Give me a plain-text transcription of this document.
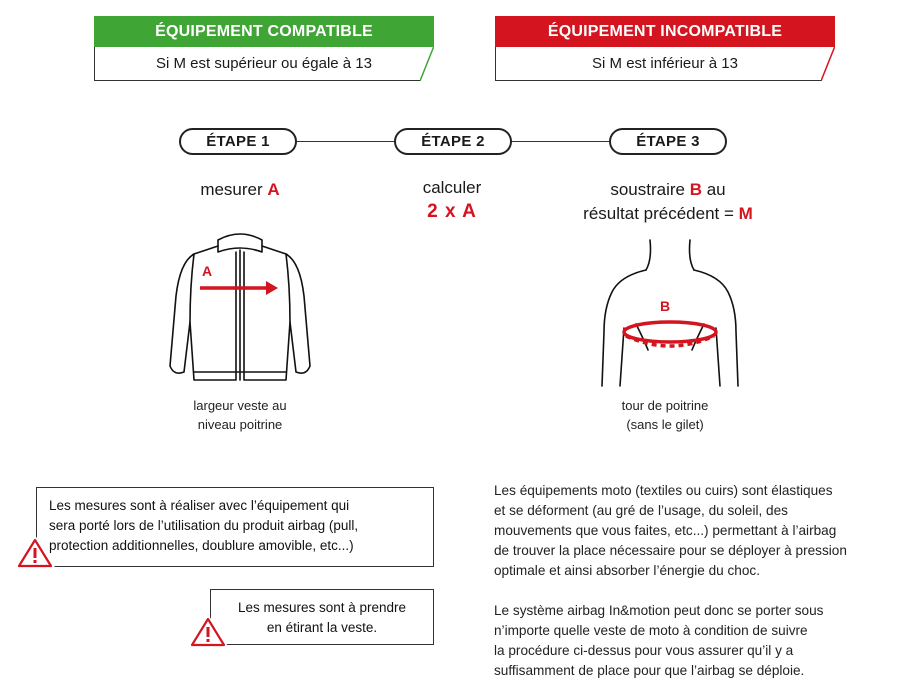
ÉQUIPEMENT COMPATIBLE
Si M est supérieur ou égale à 13
ÉQUIPEMENT INCOMPATIBLE
Si M est inférieur à 13
ÉTAPE 1	ÉTAPE 2	ÉTAPE 3
mesurer A	calculer
2 x A
soustraire B au
résultat précédent = M
A
largeur veste au
niveau poitrine
B
tour de poitrine
(sans le gilet)
Les mesures sont à réaliser avec l’équipement qui
sera porté lors de l’utilisation du produit airbag (pull,
protection additionnelles, doublure amovible, etc...)
Les mesures sont à prendre
en étirant la veste.
Les équipements moto (textiles ou cuirs) sont élastiques
et se déforment (au gré de l’usage, du soleil, des
mouvements que vous faites, etc...) permettant à l’airbag
de trouver la place nécessaire pour se déployer à pression
optimale et ainsi absorber l’énergie du choc.
Le système airbag In&motion peut donc se porter sous
n’importe quelle veste de moto à condition de suivre
la procédure ci-dessus pour vous assurer qu’il y a
suffisamment de place pour que l’airbag se déploie.
